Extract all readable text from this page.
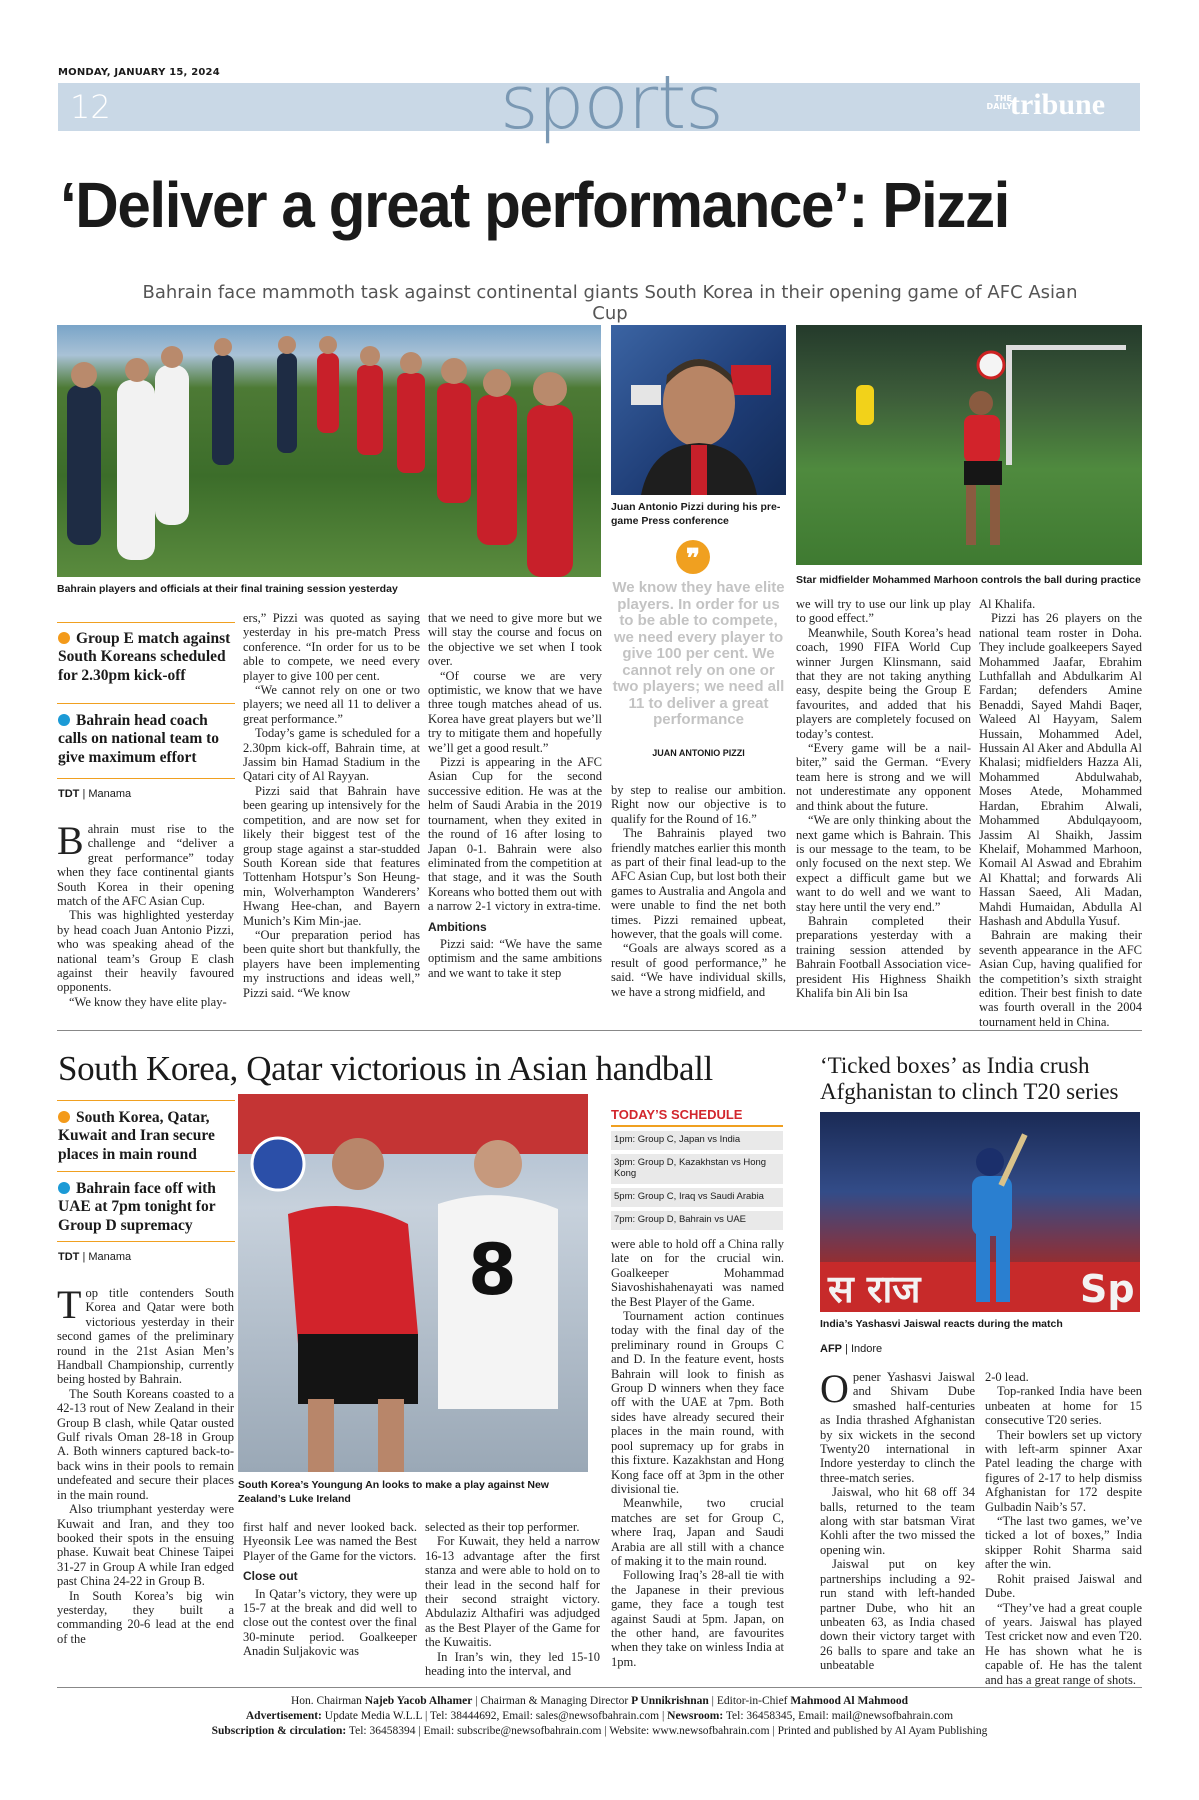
MONDAY, JANUARY 15, 2024
12	sports	THE DAILY
tribune
‘Deliver a great performance’: Pizzi
Bahrain face mammoth task against continental giants South Korea in their opening game of AFC Asian Cup
Bahrain players and officials at their final training session yesterday
Juan Antonio Pizzi during his pre-game Press conference
Star midfielder Mohammed Marhoon controls the ball during practice
❞
We know they have elite players. In order for us to be able to compete, we need every player to give 100 per cent. We cannot rely on one or two players; we need all 11 to deliver a great performance
JUAN ANTONIO PIZZI
Group E match against South Koreans scheduled for 2.30pm kick-off
Bahrain head coach calls on national team to give maximum effort
TDT | Manama

Bahrain must rise to the challenge and “deliver a great performance” today when they face continental giants South Korea in their opening match of the AFC Asian Cup.

This was highlighted yesterday by head coach Juan Antonio Pizzi, who was speaking ahead of the national team’s Group E clash against their heavily favoured opponents.

“We know they have elite play-

ers,” Pizzi was quoted as saying yesterday in his pre-match Press conference. “In order for us to be able to compete, we need every player to give 100 per cent.

“We cannot rely on one or two players; we need all 11 to deliver a great performance.”

Today’s game is scheduled for a 2.30pm kick-off, Bahrain time, at Jassim bin Hamad Stadium in the Qatari city of Al Rayyan.

Pizzi said that Bahrain have been gearing up intensively for the competition, and are now set for likely their biggest test of the group stage against a star-studded South Korean side that features Tottenham Hotspur’s Son Heung-min, Wolverhampton Wanderers’ Hwang Hee-chan, and Bayern Munich’s Kim Min-jae.

“Our preparation period has been quite short but thankfully, the players have been implementing my instructions and ideas well,” Pizzi said. “We know

that we need to give more but we will stay the course and focus on the objective we set when I took over.

“Of course we are very optimistic, we know that we have three tough matches ahead of us. Korea have great players but we’ll try to mitigate them and hopefully we’ll get a good result.”

Pizzi is appearing in the AFC Asian Cup for the second successive edition. He was at the helm of Saudi Arabia in the 2019 tournament, when they exited in the round of 16 after losing to Japan 0-1. Bahrain were also eliminated from the competition at that stage, and it was the South Koreans who botted them out with a narrow 2-1 victory in extra-time.

Ambitions

Pizzi said: “We have the same optimism and the same ambitions and we want to take it step

by step to realise our ambition. Right now our objective is to qualify for the Round of 16.”

The Bahrainis played two friendly matches earlier this month as part of their final lead-up to the AFC Asian Cup, but lost both their games to Australia and Angola and were unable to find the net both times. Pizzi remained upbeat, however, that the goals will come.

“Goals are always scored as a result of good performance,” he said. “We have individual skills, we have a strong midfield, and

we will try to use our link up play to good effect.”

Meanwhile, South Korea’s head coach, 1990 FIFA World Cup winner Jurgen Klinsmann, said that they are not taking anything easy, despite being the Group E favourites, and added that his players are completely focused on today’s contest.

“Every game will be a nail-biter,” said the German. “Every team here is strong and we will not underestimate any opponent and think about the future.

“We are only thinking about the next game which is Bahrain. This is our message to the team, to be only focused on the next step. We expect a difficult game but we want to do well and we want to stay here until the very end.”

Bahrain completed their preparations yesterday with a training session attended by Bahrain Football Association vice-president His Highness Shaikh Khalifa bin Ali bin Isa

Al Khalifa.

Pizzi has 26 players on the national team roster in Doha. They include goalkeepers Sayed Mohammed Jaafar, Ebrahim Luthfallah and Abdulkarim Al Fardan; defenders Amine Benaddi, Sayed Mahdi Baqer, Waleed Al Hayyam, Salem Hussain, Mohammed Adel, Hussain Al Aker and Abdulla Al Khalasi; midfielders Hazza Ali, Mohammed Abdulwahab, Moses Atede, Mohammed Hardan, Ebrahim Alwali, Mohammed Abdulqayoom, Jassim Al Shaikh, Jassim Khelaif, Mohammed Marhoon, Komail Al Aswad and Ebrahim Al Khattal; and forwards Ali Hassan Saeed, Ali Madan, Mahdi Humaidan, Abdulla Al Hashash and Abdulla Yusuf.

Bahrain are making their seventh appearance in the AFC Asian Cup, having qualified for the competition’s sixth straight edition. Their best finish to date was fourth overall in the 2004 tournament held in China.

South Korea, Qatar victorious in Asian handball
South Korea, Qatar, Kuwait and Iran secure places in main round
Bahrain face off with UAE at 7pm tonight for Group D supremacy
TDT | Manama	8
South Korea’s Youngung An looks to make a play against New Zealand’s Luke Ireland
TODAY’S SCHEDULE
1pm: Group C, Japan vs India
3pm: Group D, Kazakhstan vs Hong Kong
5pm: Group C, Iraq vs Saudi Arabia
7pm: Group D, Bahrain vs UAE

Top title contenders South Korea and Qatar were both victorious yesterday in their second games of the preliminary round in the 21st Asian Men’s Handball Championship, currently being hosted by Bahrain.

The South Koreans coasted to a 42-13 rout of New Zealand in their Group B clash, while Qatar ousted Gulf rivals Oman 28-18 in Group A. Both winners captured back-to-back wins in their pools to remain undefeated and secure their places in the main round.

Also triumphant yesterday were Kuwait and Iran, and they too booked their spots in the ensuing phase. Kuwait beat Chinese Taipei 31-27 in Group A while Iran edged past China 24-22 in Group B.

In South Korea’s big win yesterday, they built a commanding 20-6 lead at the end of the

first half and never looked back. Hyeonsik Lee was named the Best Player of the Game for the victors.

Close out

In Qatar’s victory, they were up 15-7 at the break and did well to close out the contest over the final 30-minute period. Goalkeeper Anadin Suljakovic was

selected as their top performer.

For Kuwait, they held a narrow 16-13 advantage after the first stanza and were able to hold on to their lead in the second half for their second straight victory. Abdulaziz Althafiri was adjudged as the Best Player of the Game for the Kuwaitis.

In Iran’s win, they led 15-10 heading into the interval, and

were able to hold off a China rally late on for the crucial win. Goalkeeper Mohammad Siavoshishahenayati was named the Best Player of the Game.

Tournament action continues today with the final day of the preliminary round in Groups C and D. In the feature event, hosts Bahrain will look to finish as Group D winners when they face off with the UAE at 7pm. Both sides have already secured their places in the main round, with pool supremacy up for grabs in this fixture. Kazakhstan and Hong Kong face off at 3pm in the other divisional tie.

Meanwhile, two crucial matches are set for Group C, where Iraq, Japan and Saudi Arabia are all still with a chance of making it to the main round.

Following Iraq’s 28-all tie with the Japanese in their previous game, they face a tough test against Saudi at 5pm. Japan, on the other hand, are favourites when they take on winless India at 1pm.

‘Ticked boxes’ as India crush Afghanistan to clinch T20 series
स राज	Sp
India’s Yashasvi Jaiswal reacts during the match
AFP | Indore

Opener Yashasvi Jaiswal and Shivam Dube smashed half-centuries as India thrashed Afghanistan by six wickets in the second Twenty20 international in Indore yesterday to clinch the three-match series.

Jaiswal, who hit 68 off 34 balls, returned to the team along with star batsman Virat Kohli after the two missed the opening win.

Jaiswal put on key partnerships including a 92-run stand with left-handed partner Dube, who hit an unbeaten 63, as India chased down their victory target with 26 balls to spare and take an unbeatable

2-0 lead.

Top-ranked India have been unbeaten at home for 15 consecutive T20 series.

Their bowlers set up victory with left-arm spinner Axar Patel leading the charge with figures of 2-17 to help dismiss Afghanistan for 172 despite Gulbadin Naib’s 57.

“The last two games, we’ve ticked a lot of boxes,” India skipper Rohit Sharma said after the win.

Rohit praised Jaiswal and Dube.

“They’ve had a great couple of years. Jaiswal has played Test cricket now and even T20. He has shown what he is capable of. He has the talent and has a great range of shots.

Hon. Chairman Najeb Yacob Alhamer | Chairman & Managing Director P Unnikrishnan | Editor-in-Chief Mahmood Al Mahmood
Advertisement: Update Media W.L.L | Tel: 38444692, Email: sales@newsofbahrain.com | Newsroom: Tel: 36458345, Email: mail@newsofbahrain.com
Subscription & circulation: Tel: 36458394 | Email: subscribe@newsofbahrain.com | Website: www.newsofbahrain.com | Printed and published by Al Ayam Publishing
